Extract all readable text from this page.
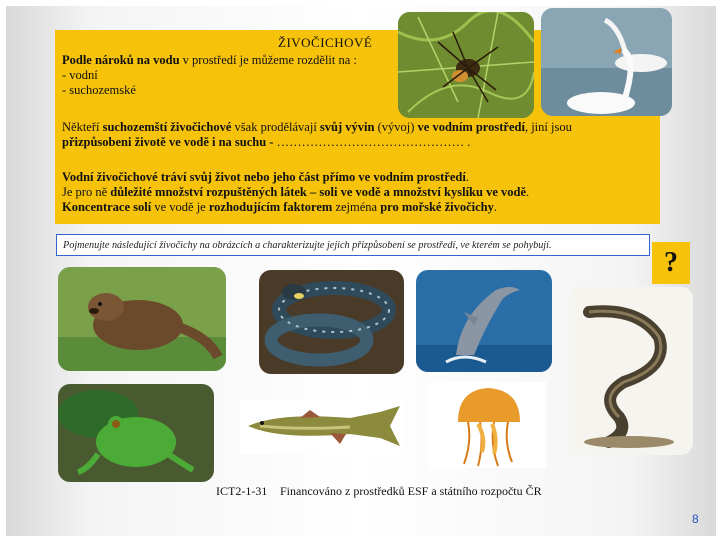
ŽIVOČICHOVÉ
Podle nároků na vodu v prostředí je můžeme rozdělit na :
- vodní
- suchozemské
Někteří suchozemští živočichové však prodělávají svůj vývin (vývoj) ve vodním prostředí, jiní jsou
přizpůsobeni životě ve vodě i na suchu - ……………………………………… .
Vodní živočichové tráví svůj život nebo jeho část přímo ve vodním prostředí.
Je pro ně důležité množství rozpuštěných látek – soli ve vodě a množství kyslíku ve vodě.
Koncentrace solí ve vodě je rozhodujícím faktorem zejména pro mořské živočichy.
Pojmenujte následující živočichy na obrázcích a charakterizujte jejich přizpůsobení se prostředí, ve kterém se pohybují.
?
ICT2-1-31 Financováno z prostředků ESF a státního rozpočtu ČR
8
